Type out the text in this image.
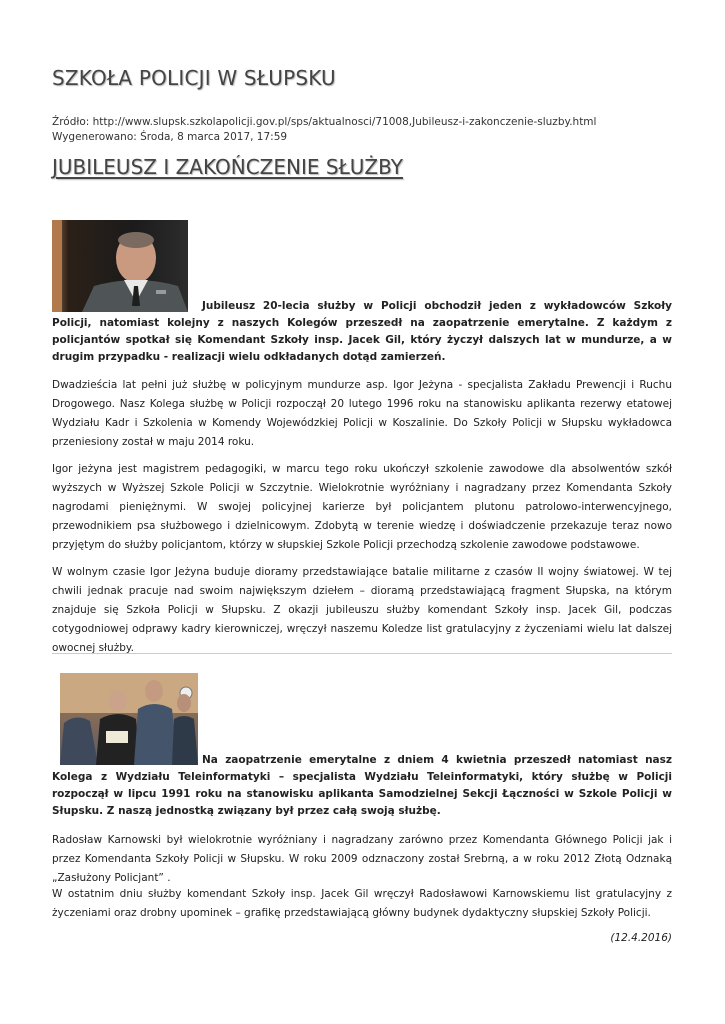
SZKOŁA POLICJI W SŁUPSKU
Źródło: http://www.slupsk.szkolapolicji.gov.pl/sps/aktualnosci/71008,Jubileusz-i-zakonczenie-sluzby.html
Wygenerowano: Środa, 8 marca 2017, 17:59
JUBILEUSZ I ZAKOŃCZENIE SŁUŻBY

Jubileusz 20-lecia służby w Policji obchodził jeden z wykładowców Szkoły Policji, natomiast kolejny z naszych Kolegów przeszedł na zaopatrzenie emerytalne. Z każdym z policjantów spotkał się Komendant Szkoły insp. Jacek Gil, który życzył dalszych lat w mundurze, a w drugim przypadku - realizacji wielu odkładanych dotąd zamierzeń.

Dwadzieścia lat pełni już służbę w policyjnym mundurze asp. Igor Jeżyna - specjalista Zakładu Prewencji i Ruchu Drogowego. Nasz Kolega służbę w Policji rozpoczął 20 lutego 1996 roku na stanowisku aplikanta rezerwy etatowej Wydziału Kadr i Szkolenia w Komendy Wojewódzkiej Policji w Koszalinie. Do Szkoły Policji w Słupsku wykładowca przeniesiony został w maju 2014 roku.

Igor jeżyna jest magistrem pedagogiki, w marcu tego roku ukończył szkolenie zawodowe dla absolwentów szkół wyższych w Wyższej Szkole Policji w Szczytnie. Wielokrotnie wyróżniany i nagradzany przez Komendanta Szkoły nagrodami pieniężnymi. W swojej policyjnej karierze był policjantem plutonu patrolowo-interwencyjnego, przewodnikiem psa służbowego i dzielnicowym. Zdobytą w terenie wiedzę i doświadczenie przekazuje teraz nowo przyjętym do służby policjantom, którzy w słupskiej Szkole Policji przechodzą szkolenie zawodowe podstawowe.

W wolnym czasie Igor Jeżyna buduje dioramy przedstawiające batalie militarne z czasów II wojny światowej. W tej chwili jednak pracuje nad swoim największym dziełem – dioramą przedstawiającą fragment Słupska, na którym znajduje się Szkoła Policji w Słupsku. Z okazji jubileuszu służby komendant Szkoły insp. Jacek Gil, podczas cotygodniowej odprawy kadry kierowniczej, wręczył naszemu Koledze list gratulacyjny z życzeniami wielu lat dalszej owocnej służby.

Na zaopatrzenie emerytalne z dniem 4 kwietnia przeszedł natomiast nasz Kolega z Wydziału Teleinformatyki – specjalista Wydziału Teleinformatyki, który służbę w Policji rozpoczął w lipcu 1991 roku na stanowisku aplikanta Samodzielnej Sekcji Łączności w Szkole Policji w Słupsku. Z naszą jednostką związany był przez całą swoją służbę.

Radosław Karnowski był wielokrotnie wyróżniany i nagradzany zarówno przez Komendanta Głównego Policji jak i przez Komendanta Szkoły Policji w Słupsku. W roku 2009 odznaczony został Srebrną, a w roku 2012 Złotą Odznaką „Zasłużony Policjant” .

W ostatnim dniu służby komendant Szkoły insp. Jacek Gil wręczył Radosławowi Karnowskiemu list gratulacyjny z życzeniami oraz drobny upominek – grafikę przedstawiającą główny budynek dydaktyczny słupskiej Szkoły Policji.

(12.4.2016)
